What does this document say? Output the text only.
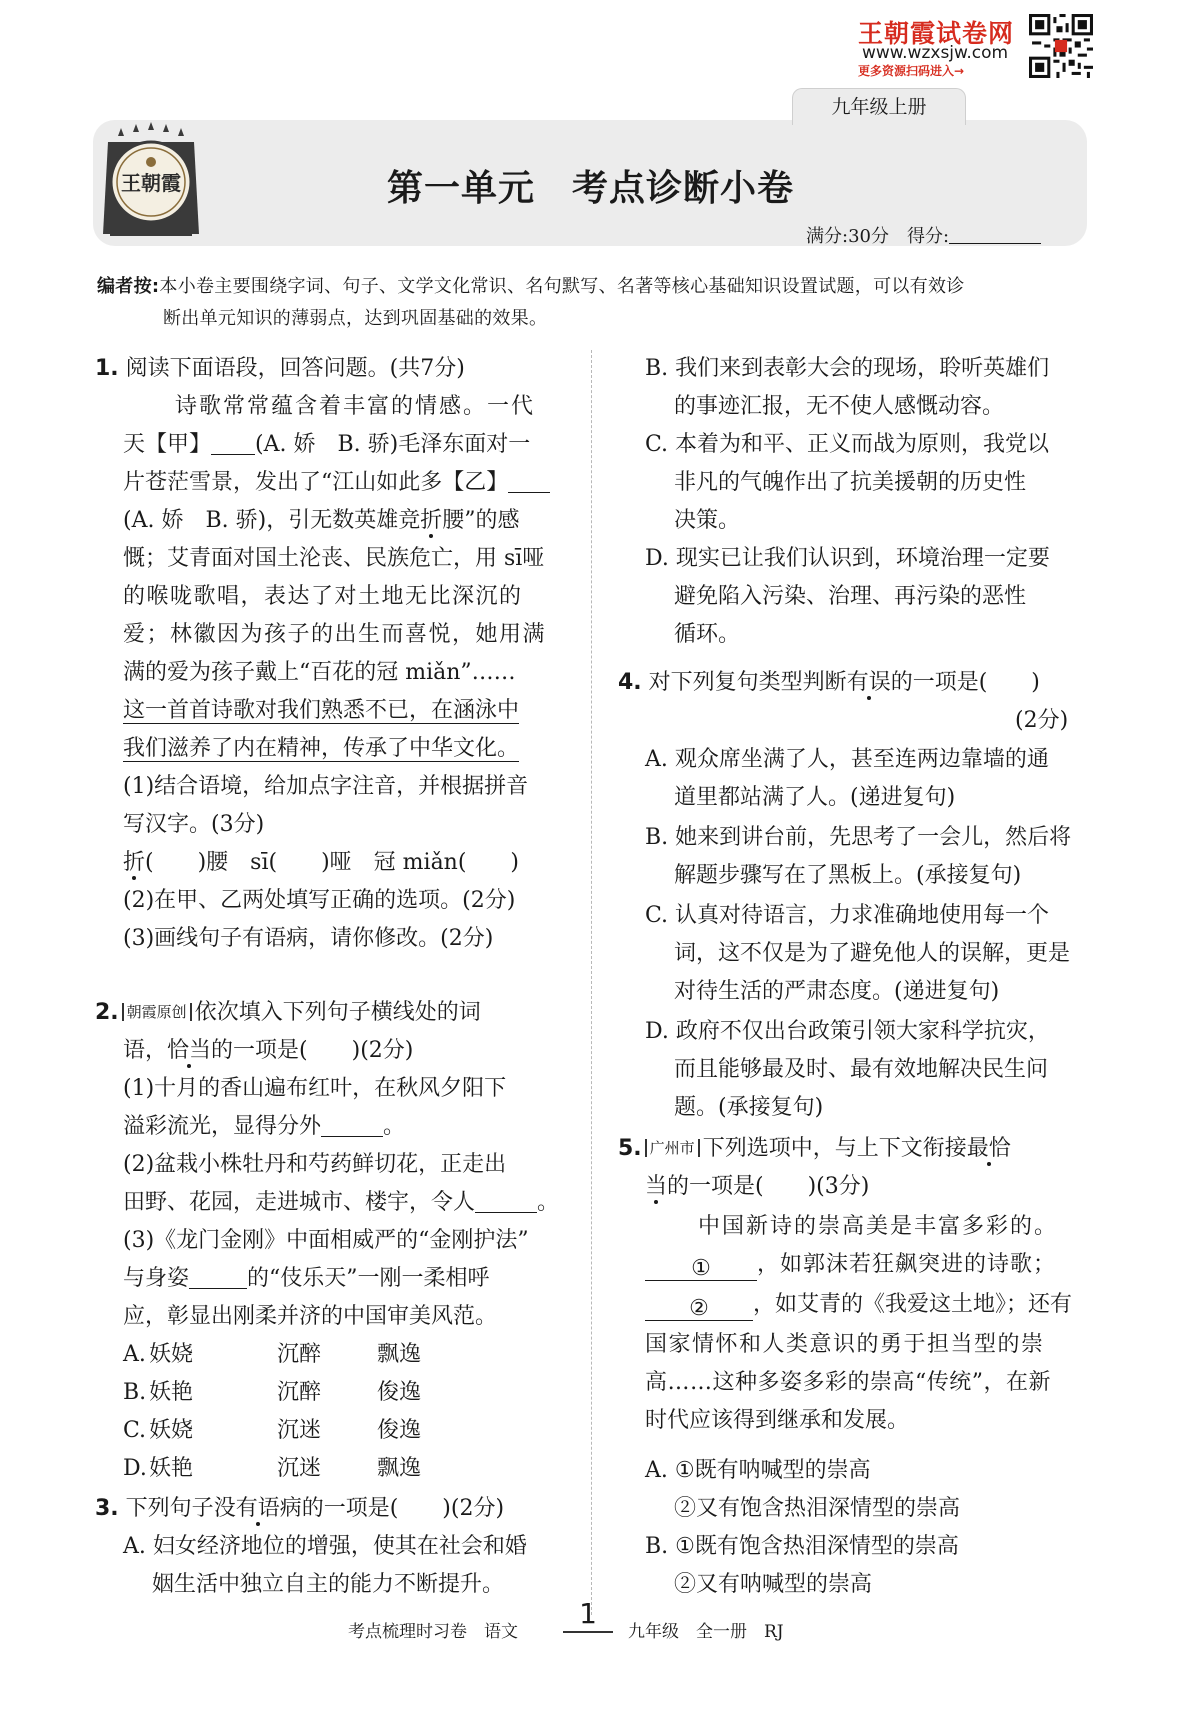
王朝霞试卷网
www.wzxsjw.com
更多资源扫码进入→
九年级上册
王朝霞	第一单元　考点诊断小卷
满分:30分　 得分:
编者按:本小卷主要围绕字词、句子、文学文化常识、名句默写、名著等核心基础知识设置试题，可以有效诊
断出单元知识的薄弱点，达到巩固基础的效果。
1. 阅读下面语段，回答问题。(共7分)
诗歌常常蕴含着丰富的情感。一代
天【甲】 (A. 娇　B. 骄)毛泽东面对一
片苍茫雪景，发出了“江山如此多【乙】
(A. 娇　B. 骄)，引无数英雄竞折腰”的感
慨；艾青面对国土沦丧、民族危亡，用 sī哑
的喉咙歌唱，表达了对土地无比深沉的
爱；林徽因为孩子的出生而喜悦，她用满
满的爱为孩子戴上“百花的冠 miǎn”……
这一首首诗歌对我们熟悉不已，在涵泳中
我们滋养了内在精神，传承了中华文化。
(1)结合语境，给加点字注音，并根据拼音
写汉字。(3分)
折(　　)腰　sī(　　)哑　冠 miǎn(　　)
(2)在甲、乙两处填写正确的选项。(2分)
(3)画线句子有语病，请你修改。(2分)
2. 朝霞原创 依次填入下列句子横线处的词
语，恰当的一项是(　　)(2分)
(1)十月的香山遍布红叶，在秋风夕阳下
溢彩流光，显得分外	。
(2)盆栽小株牡丹和芍药鲜切花，正走出
田野、花园，走进城市、楼宇，令人	。
(3)《龙门金刚》中面相威严的“金刚护法”
与身姿	的“伎乐天”一刚一柔相呼
应，彰显出刚柔并济的中国审美风范。
A. 妖娆	沉醉	飘逸
B. 妖艳	沉醉	俊逸
C. 妖娆	沉迷	俊逸
D.妖艳	沉迷	飘逸
3. 下列句子没有语病的一项是(　　)(2分)
A. 妇女经济地位的增强，使其在社会和婚
姻生活中独立自主的能力不断提升。
B. 我们来到表彰大会的现场，聆听英雄们
的事迹汇报，无不使人感慨动容。
C. 本着为和平、正义而战为原则，我党以
非凡的气魄作出了抗美援朝的历史性
决策。
D. 现实已让我们认识到，环境治理一定要
避免陷入污染、治理、再污染的恶性
循环。
4. 对下列复句类型判断有误的一项是(　　)
(2分)
A. 观众席坐满了人，甚至连两边靠墙的通
道里都站满了人。(递进复句)
B. 她来到讲台前，先思考了一会儿，然后将
解题步骤写在了黑板上。(承接复句)
C. 认真对待语言，力求准确地使用每一个
词，这不仅是为了避免他人的误解，更是
对待生活的严肃态度。(递进复句)
D. 政府不仅出台政策引领大家科学抗灾，
而且能够最及时、最有效地解决民生问
题。(承接复句)
5. 广州市 下列选项中，与上下文衔接最恰
当的一项是(　　)(3分)
中国新诗的崇高美是丰富多彩的。
① ，如郭沫若狂飙突进的诗歌；
② ，如艾青的《我爱这土地》；还有
国家情怀和人类意识的勇于担当型的崇
高……这种多姿多彩的崇高“传统”，在新
时代应该得到继承和发展。
A. ①既有呐喊型的崇高
②又有饱含热泪深情型的崇高
B. ①既有饱含热泪深情型的崇高
②又有呐喊型的崇高
考点梳理时习卷　语文
1
九年级　全一册　RJ
